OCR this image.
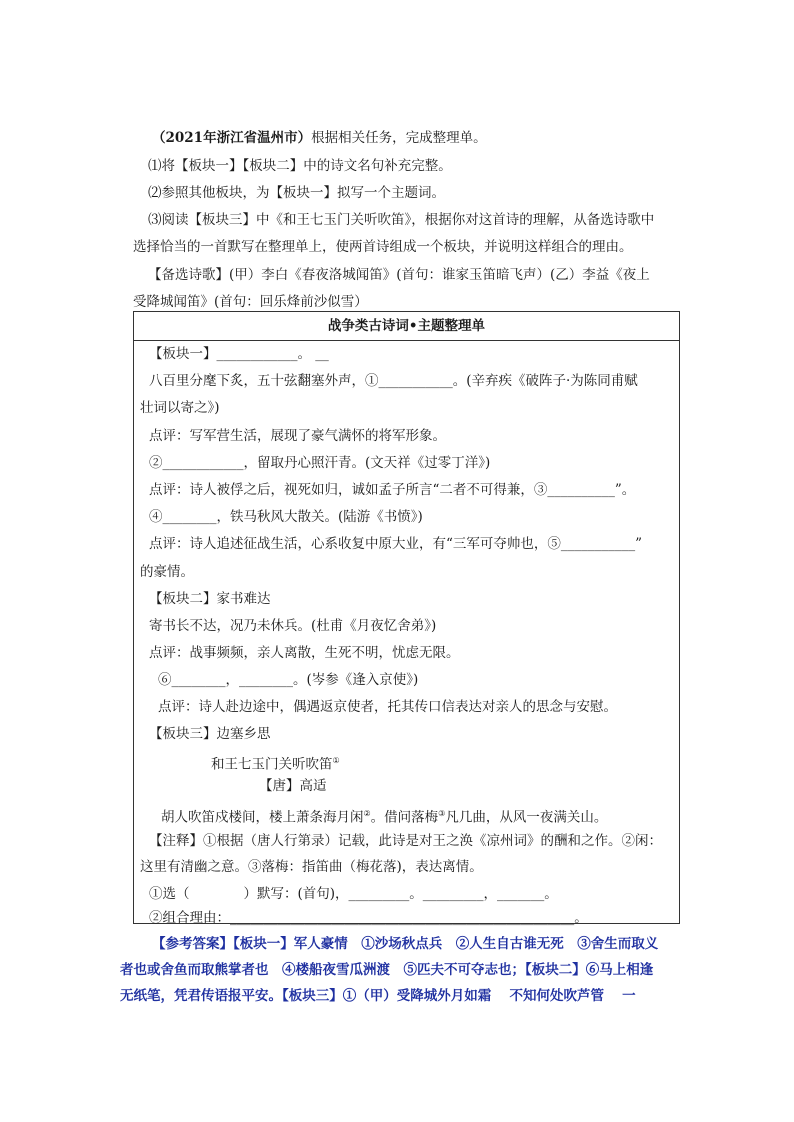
（2021年浙江省温州市）根据相关任务，完成整理单。
⑴将【板块一】【板块二】中的诗文名句补充完整。
⑵参照其他板块，为【板块一】拟写一个主题词。
⑶阅读【板块三】中《和王七玉门关听吹笛》，根据你对这首诗的理解，从备选诗歌中
选择恰当的一首默写在整理单上，使两首诗组成一个板块，并说明这样组合的理由。
【备选诗歌】(甲）李白《春夜洛城闻笛》(首句：谁家玉笛暗飞声）(乙）李益《夜上
受降城闻笛》(首句：回乐烽前沙似雪）
战争类古诗词•主题整理单
【板块一】____________。 __
八百里分麾下炙，五十弦翻塞外声，①___________。(辛弃疾《破阵子·为陈同甫赋
壮词以寄之》)
点评：写军营生活，展现了豪气满怀的将军形象。
②____________，留取丹心照汗青。(文天祥《过零丁洋》)
点评：诗人被俘之后，视死如归，诚如孟子所言“二者不可得兼，③__________”。
④________，铁马秋风大散关。(陆游《书愤》)
点评：诗人追述征战生活，心系收复中原大业，有“三军可夺帅也，⑤___________”
的豪情。
【板块二】家书难达
寄书长不达，况乃未休兵。(杜甫《月夜忆舍弟》)
点评：战事频频，亲人离散，生死不明，忧虑无限。
⑥________，________。(岑参《逢入京使》)
点评：诗人赴边途中，偶遇返京使者，托其传口信表达对亲人的思念与安慰。
【板块三】边塞乡思
和王七玉门关听吹笛①
【唐】高适
胡人吹笛戍楼间，楼上萧条海月闲②。借问落梅③凡几曲，从风一夜满关山。
【注释】①根据（唐人行第录）记载，此诗是对王之涣《凉州词》的酬和之作。②闲：
这里有清幽之意。③落梅：指笛曲（梅花落)，表达离情。
①选（　　　　）默写：(首句)，_________。_________，_______。
②组合理由：___________________________________________________。
【参考答案】【板块一】军人豪情　①沙场秋点兵　②人生自古谁无死　③舍生而取义
者也或舍鱼而取熊掌者也　④楼船夜雪瓜洲渡　⑤匹夫不可夺志也；【板块二】⑥马上相逢
无纸笔，凭君传语报平安。【板块三】①（甲）受降城外月如霜　 不知何处吹芦管　 一
